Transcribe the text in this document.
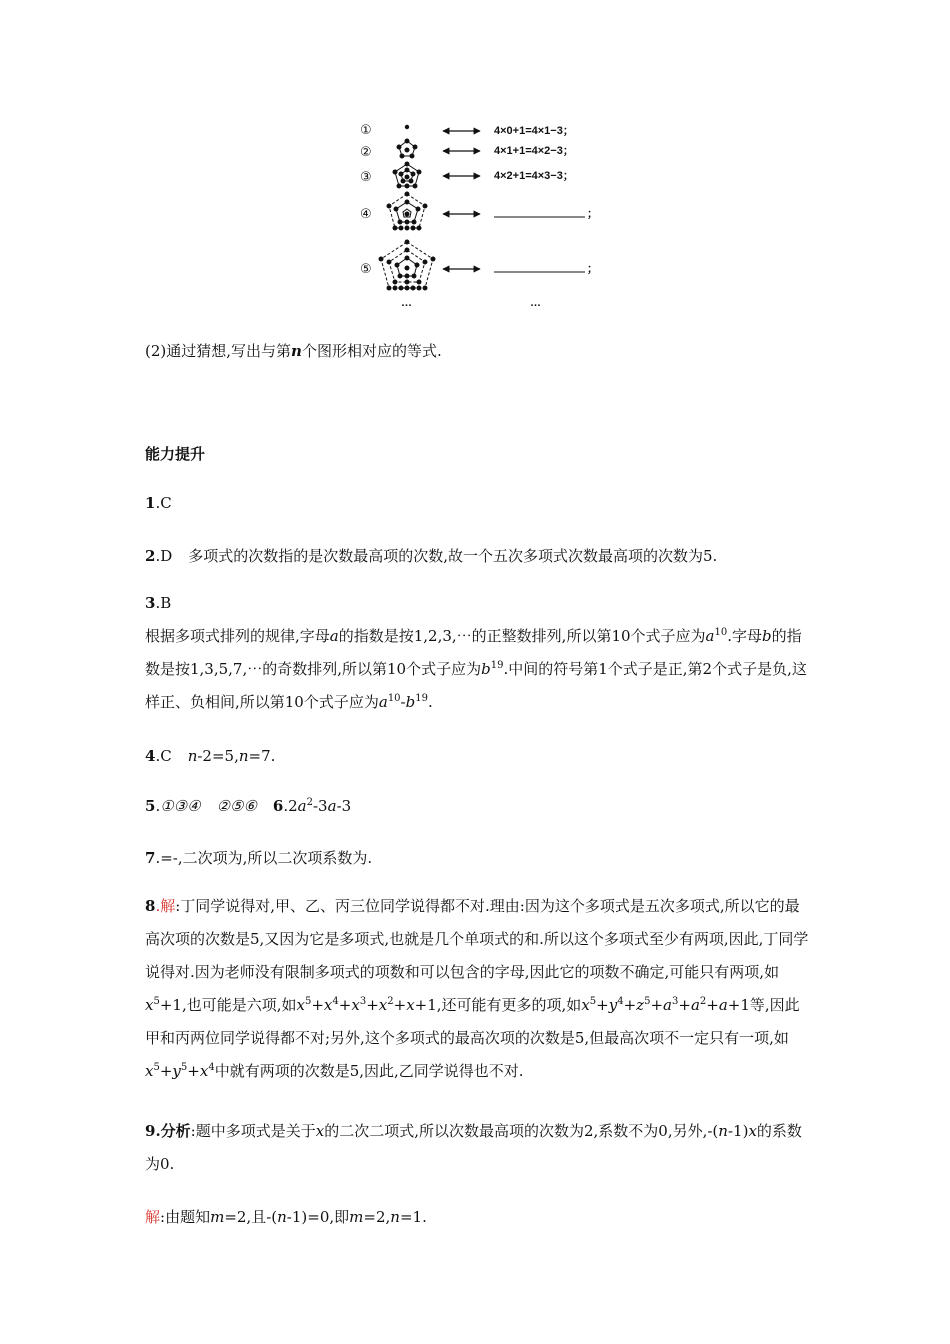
①
②
③
④
⑤
…
4×0+1=4×1−3；
4×1+1=4×2−3；
4×2+1=4×3−3；
；
；
…
(2)通过猜想,写出与第n个图形相对应的等式.
能力提升
1.C
2.D 多项式的次数指的是次数最高项的次数,故一个五次多项式次数最高项的次数为5.
3.B
根据多项式排列的规律,字母a的指数是按1,2,3,⋯的正整数排列,所以第10个式子应为$a^{10}$.字母b的指数是按1,3,5,7,⋯的奇数排列,所以第10个式子应为$b^{19}$.中间的符号第1个式子是正,第2个式子是负,这样正、负相间,所以第10个式子应为$a^{10}-b^{19}$.
4.C n-2=5,n=7.
5.①③④ ②⑤⑥ $6.2a^2-3a-3$
7.=-,二次项为,所以二次项系数为.
8.解:丁同学说得对,甲、乙、丙三位同学说得都不对.理由:因为这个多项式是五次多项式,所以它的最高次项的次数是5,又因为它是多项式,也就是几个单项式的和.所以这个多项式至少有两项,因此,丁同学说得对.因为老师没有限制多项式的项数和可以包含的字母,因此它的项数不确定,可能只有两项,如$x^5+1$,也可能是六项,如$x^5+x^4+x^3+x^2+x+1$,还可能有更多的项,如$x^5+y^4+z^5+a^3+a^2+a+1$等,因此甲和丙两位同学说得都不对;另外,这个多项式的最高次项的次数是5,但最高次项不一定只有一项,如$x^5+y^5+x^4$中就有两项的次数是5,因此,乙同学说得也不对.
9.分析:题中多项式是关于x的二次二项式,所以次数最高项的次数为2,系数不为0,另外,-(n-1)x的系数为0.
解:由题知m=2,且-(n-1)=0,即m=2,n=1.
